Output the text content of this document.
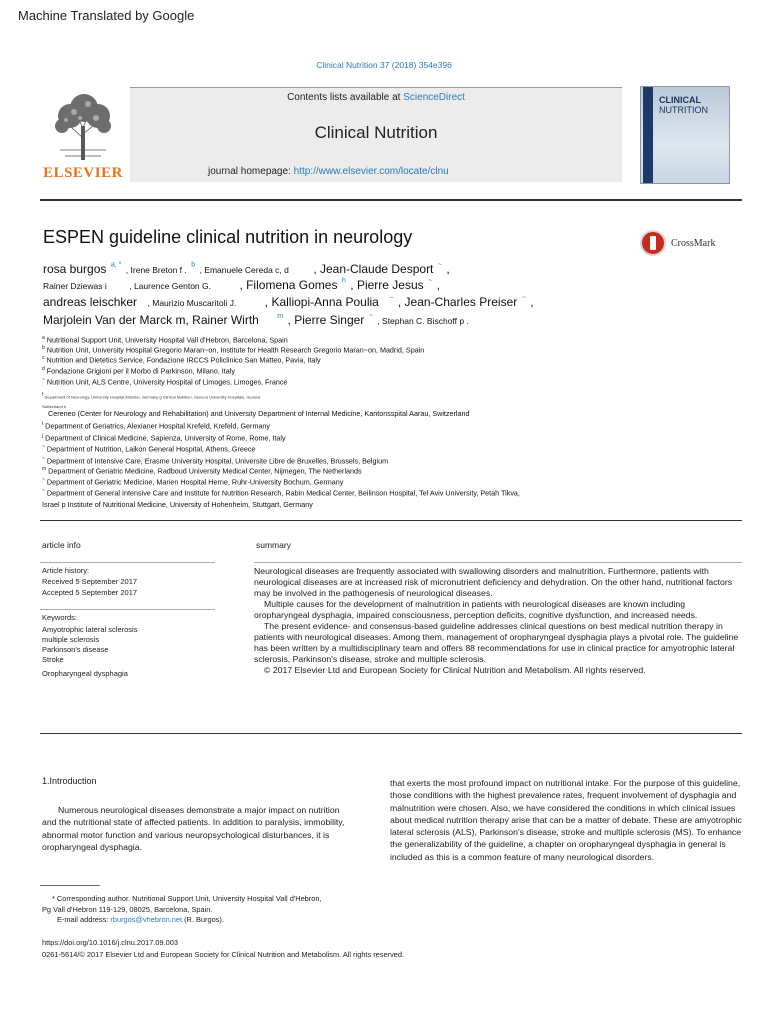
Machine Translated by Google
Clinical Nutrition 37 (2018) 354e396
ELSEVIER
Contents lists available at ScienceDirect
Clinical Nutrition
journal homepage: http://www.elsevier.com/locate/clnu
CLINICAL
NUTRITION
ESPEN guideline clinical nutrition in neurology	CrossMark
rosa burgos $^{a, *}$ , Irene Breton f . $^b$ , Emanuele Cereda c, d , Jean-Claude Desport ~ ,
Rainer Dziewas i	, Laurence Genton G. , Filomena Gomes $^h$ , Pierre Jesus ~ ,
andreas leischker , Maurizio Muscaritoli J. , Kalliopi-Anna Poulia ~ , Jean-Charles Preiser ~ ,
Marjolein Van der Marck m, Rainer Wirth	$^m$ , Pierre Singer ~ , Stephan C. Bischoff p .
$^a$ Nutritional Support Unit, University Hospital Vall d'Hebron, Barcelona, Spain
$^b$ Nutrition Unit, University Hospital Gregorio Maran~on, Institute for Health Research Gregorio Maran~on, Madrid, Spain
$^c$ Nutrition and Dietetics Service, Fondazione IRCCS Policlinico San Matteo, Pavia, Italy
$^d$ Fondazione Grigioni per il Morbo di Parkinson, Milano, Italy
~ Nutrition Unit, ALS Centre, University Hospital of Limoges, Limoges, France
$^f$ Department of Neurology, University Hospital Münster, Germany g Clinical Nutrition, Geneva University Hospitals, Geneva
Switzerland h
Cereneo (Center for Neurology and Rehabilitation) and University Department of Internal Medicine, Kantonsspital Aarau, Switzerland
$^i$ Department of Geriatrics, Alexianer Hospital Krefeld, Krefeld, Germany
$^j$ Department of Clinical Medicine, Sapienza, University of Rome, Rome, Italy
~ Department of Nutrition, Laikon General Hospital, Athens, Greece
~ Department of Intensive Care, Erasme University Hospital, Universite Libre de Bruxelles, Brussels, Belgium
$^m$ Department of Geriatric Medicine, Radboud University Medical Center, Nijmegen, The Netherlands
~ Department of Geriatric Medicine, Marien Hospital Herne, Ruhr-University Bochum, Germany
~ Department of General Intensive Care and Institute for Nutrition Research, Rabin Medical Center, Beilinson Hospital, Tel Aviv University, Petah Tikva,
Israel p Institute of Nutritional Medicine, University of Hohenheim, Stuttgart, Germany
article info
Article history:
Received 5 September 2017
Accepted 5 September 2017
Keywords:
Amyotrophic lateral sclerosis
multiple sclerosis
Parkinson's disease
Stroke
Oropharyngeal dysphagia
summary

Neurological diseases are frequently associated with swallowing disorders and malnutrition. Furthermore, patients with neurological diseases are at increased risk of micronutrient deficiency and dehydration. On the other hand, nutritional factors may be involved in the pathogenesis of neurological diseases.

Multiple causes for the development of malnutrition in patients with neurological diseases are known including oropharyngeal dysphagia, impaired consciousness, perception deficits, cognitive dysfunction, and increased needs.

The present evidence- and consensus-based guideline addresses clinical questions on best medical nutrition therapy in patients with neurological diseases. Among them, management of oropharyngeal dysphagia plays a pivotal role. The guideline has been written by a multidisciplinary team and offers 88 recommendations for use in clinical practice for amyotrophic lateral sclerosis, Parkinson's disease, stroke and multiple sclerosis.

© 2017 Elsevier Ltd and European Society for Clinical Nutrition and Metabolism. All rights reserved.

1.Introduction
Numerous neurological diseases demonstrate a major impact on nutrition and the nutritional state of affected patients. In addition to paralysis, immobility, abnormal motor function and various neuropsychological disturbances, it is oropharyngeal dysphagia.
that exerts the most profound impact on nutritional intake. For the purpose of this guideline, those conditions with the highest prevalence rates, frequent involvement of dysphagia and malnutrition were chosen. Also, we have considered the conditions in which clinical issues about medical nutrition therapy arise that can be a matter of debate. These are amyotrophic lateral sclerosis (ALS), Parkinson's disease, stroke and multiple sclerosis (MS). To enhance the generalizability of the guideline, a chapter on oropharyngeal dysphagia in general is included as this is a common feature of many neurological disorders.
* Corresponding author. Nutritional Support Unit, University Hospital Vall d'Hebron,
Pg Vall d'Hebron 119-129, 08025, Barcelona, Spain.
E-mail address: rburgos@vhebron.net (R. Burgos).
https://doi.org/10.1016/j.clnu.2017.09.003
0261-5614/© 2017 Elsevier Ltd and European Society for Clinical Nutrition and Metabolism. All rights reserved.
